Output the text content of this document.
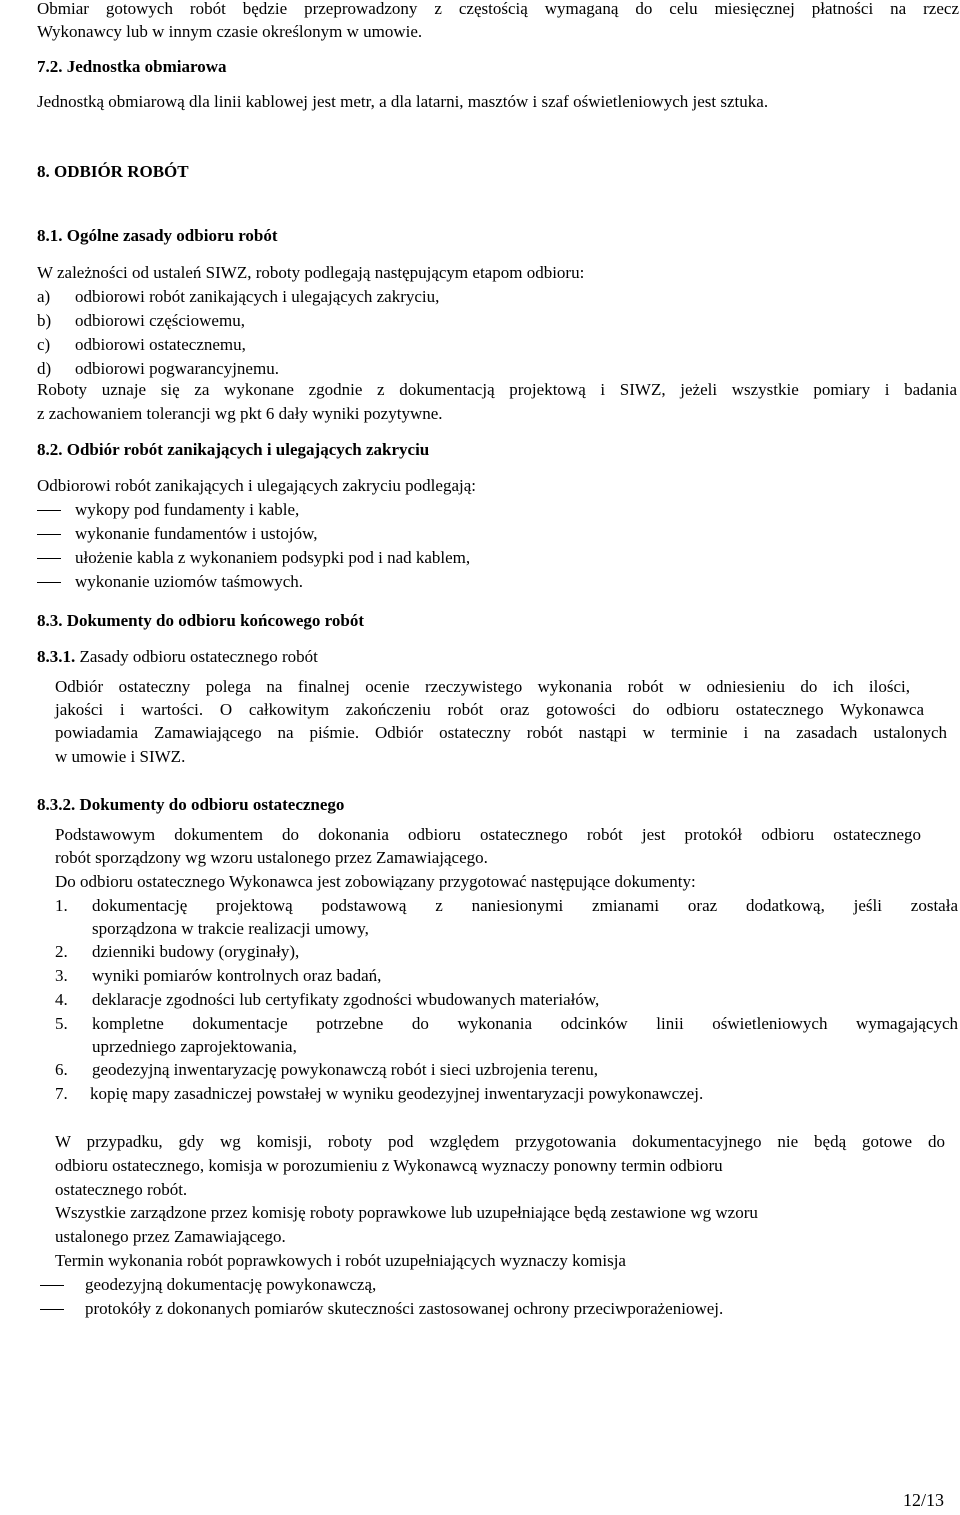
Obmiar gotowych robót będzie przeprowadzony z częstością wymaganą do celu miesięcznej płatności na rzecz
Wykonawcy lub w innym czasie określonym w umowie.
7.2. Jednostka obmiarowa
Jednostką obmiarową dla linii kablowej jest metr, a dla latarni, masztów i szaf oświetleniowych jest sztuka.
8. ODBIÓR ROBÓT
8.1. Ogólne zasady odbioru robót
W zależności od ustaleń SIWZ, roboty podlegają następującym etapom odbioru:
a) odbiorowi robót zanikających i ulegających zakryciu,
b) odbiorowi częściowemu,
c) odbiorowi ostatecznemu,
d) odbiorowi pogwarancyjnemu.
Roboty uznaje się za wykonane zgodnie z dokumentacją projektową i SIWZ, jeżeli wszystkie pomiary i badania
z zachowaniem tolerancji wg pkt 6 dały wyniki pozytywne.
8.2. Odbiór robót zanikających i ulegających zakryciu
Odbiorowi robót zanikających i ulegających zakryciu podlegają:
wykopy pod fundamenty i kable,
wykonanie fundamentów i ustojów,
ułożenie kabla z wykonaniem podsypki pod i nad kablem,
wykonanie uziomów taśmowych.
8.3. Dokumenty do odbioru końcowego robót
8.3.1. Zasady odbioru ostatecznego robót
Odbiór ostateczny polega na finalnej ocenie rzeczywistego wykonania robót w odniesieniu do ich ilości,
jakości i wartości. O całkowitym zakończeniu robót oraz gotowości do odbioru ostatecznego Wykonawca
powiadamia Zamawiającego na piśmie. Odbiór ostateczny robót nastąpi w terminie i na zasadach ustalonych
w umowie i SIWZ.
8.3.2. Dokumenty do odbioru ostatecznego
Podstawowym dokumentem do dokonania odbioru ostatecznego robót jest protokół odbioru ostatecznego
robót sporządzony wg wzoru ustalonego przez Zamawiającego.
Do odbioru ostatecznego Wykonawca jest zobowiązany przygotować następujące dokumenty:
1. dokumentację projektową podstawową z naniesionymi zmianami oraz dodatkową, jeśli została
sporządzona w trakcie realizacji umowy,
2. dzienniki budowy (oryginały),
3. wyniki pomiarów kontrolnych oraz badań,
4. deklaracje zgodności lub certyfikaty zgodności wbudowanych materiałów,
5. kompletne dokumentacje potrzebne do wykonania odcinków linii oświetleniowych wymagających
uprzedniego zaprojektowania,
6. geodezyjną inwentaryzację powykonawczą robót i sieci uzbrojenia terenu,
7. kopię mapy zasadniczej powstałej w wyniku geodezyjnej inwentaryzacji powykonawczej.
W przypadku, gdy wg komisji, roboty pod względem przygotowania dokumentacyjnego nie będą gotowe do
odbioru ostatecznego, komisja w porozumieniu z Wykonawcą wyznaczy ponowny termin odbioru
ostatecznego robót.
Wszystkie zarządzone przez komisję roboty poprawkowe lub uzupełniające będą zestawione wg wzoru
ustalonego przez Zamawiającego.
Termin wykonania robót poprawkowych i robót uzupełniających wyznaczy komisja
geodezyjną dokumentację powykonawczą,
protokóły z dokonanych pomiarów skuteczności zastosowanej ochrony przeciwporażeniowej.
12/13
